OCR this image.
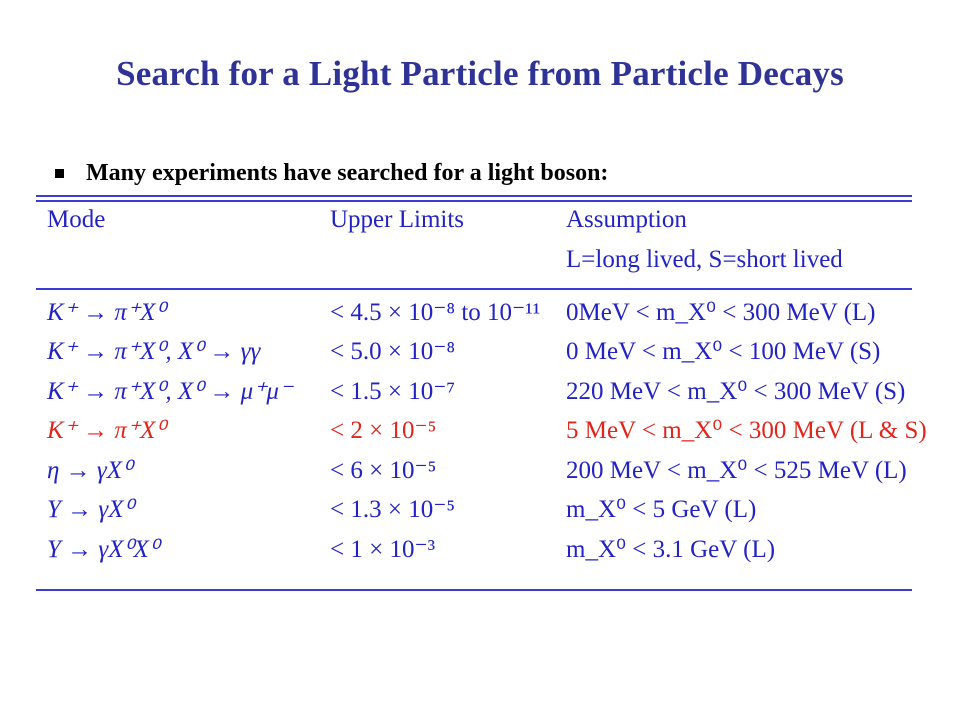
Search for a Light Particle from Particle Decays
Many experiments have searched for a light boson:
Mode	Upper Limits	Assumption
L=long lived, S=short lived
K⁺ → π⁺X⁰	< 4.5 × 10⁻⁸ to 10⁻¹¹	0MeV < m_X⁰ < 300 MeV (L)
K⁺ → π⁺X⁰, X⁰ → γγ	< 5.0 × 10⁻⁸	0 MeV < m_X⁰ < 100 MeV (S)
K⁺ → π⁺X⁰, X⁰ → μ⁺μ⁻	< 1.5 × 10⁻⁷	220 MeV < m_X⁰ < 300 MeV (S)
K⁺ → π⁺X⁰	< 2 × 10⁻⁵	5 MeV < m_X⁰ < 300 MeV (L & S)
η → γX⁰	< 6 × 10⁻⁵	200 MeV < m_X⁰ < 525 MeV (L)
Υ → γX⁰	< 1.3 × 10⁻⁵	m_X⁰ < 5 GeV (L)
Υ → γX⁰X⁰	< 1 × 10⁻³	m_X⁰ < 3.1 GeV (L)
